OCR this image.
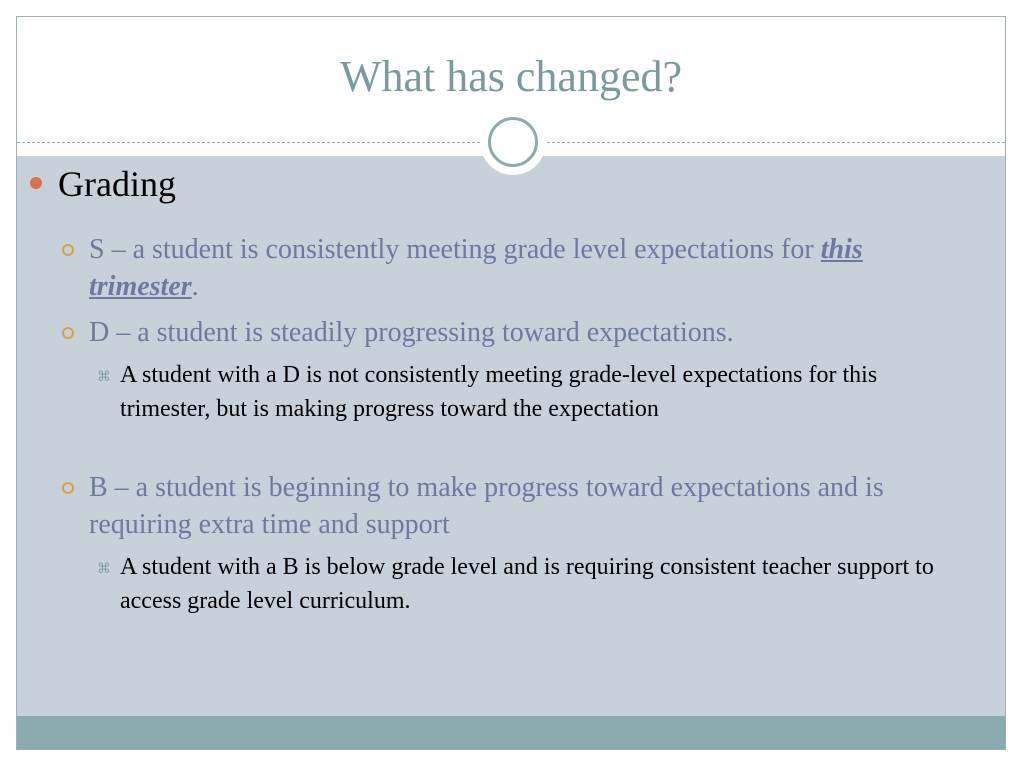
What has changed?
Grading
S – a student is consistently meeting grade level expectations for this trimester.
D – a student is steadily progressing toward expectations.
⌘ A student with a D is not consistently meeting grade-level expectations for this trimester, but is making progress toward the expectation
B – a student is beginning to make progress toward expectations and is requiring extra time and support
⌘ A student with a B is below grade level and is requiring consistent teacher support to access grade level curriculum.
